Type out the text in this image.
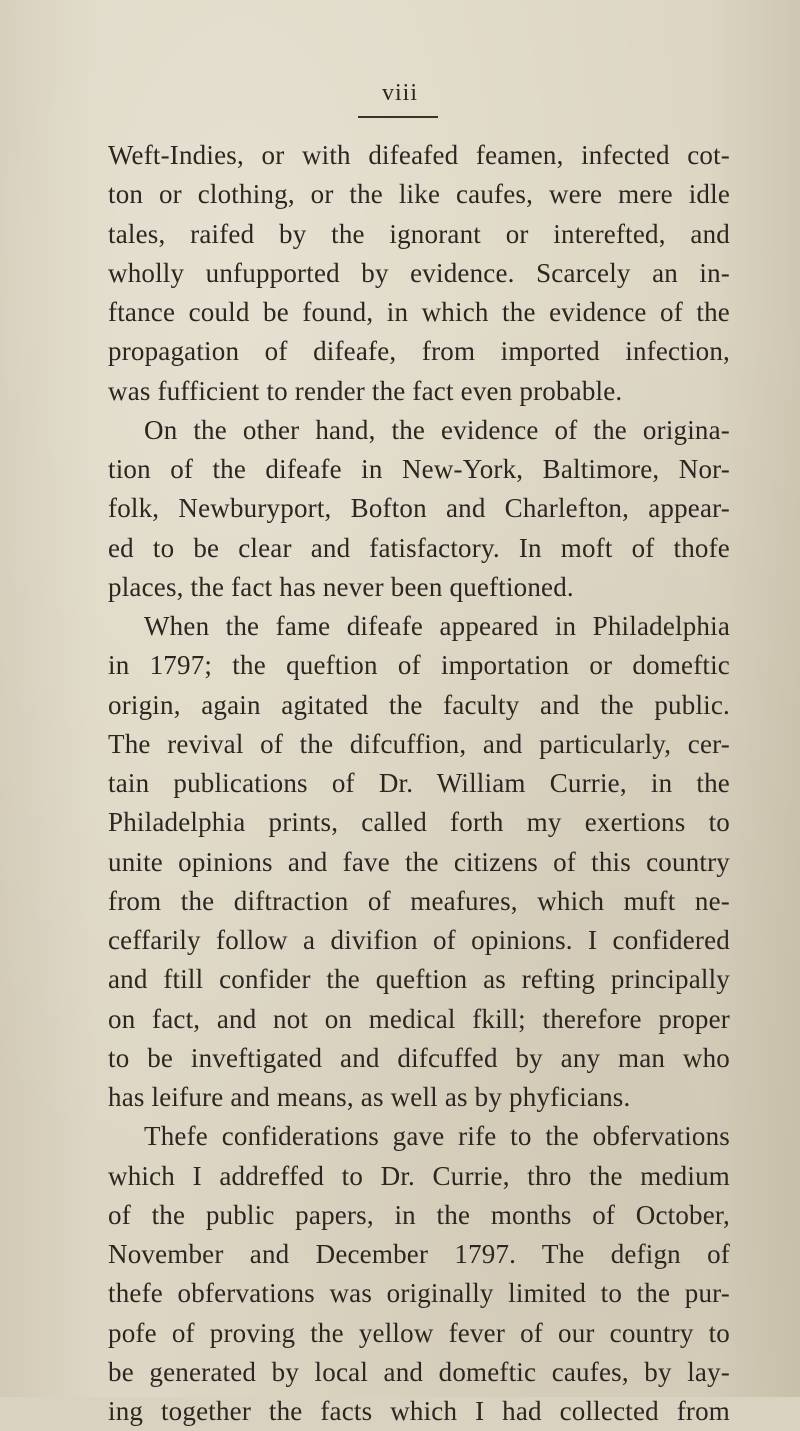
viii
Weft-Indies, or with difeafed feamen, infected cot-
ton or clothing, or the like caufes, were mere idle
tales, raifed by the ignorant or interefted, and
wholly unfupported by evidence. Scarcely an in-
ftance could be found, in which the evidence of the
propagation of difeafe, from imported infection,
was fufficient to render the fact even probable.
On the other hand, the evidence of the origina-
tion of the difeafe in New-York, Baltimore, Nor-
folk, Newburyport, Bofton and Charlefton, appear-
ed to be clear and fatisfactory. In moft of thofe
places, the fact has never been queftioned.
When the fame difeafe appeared in Philadelphia
in 1797; the queftion of importation or domeftic
origin, again agitated the faculty and the public.
The revival of the difcuffion, and particularly, cer-
tain publications of Dr. William Currie, in the
Philadelphia prints, called forth my exertions to
unite opinions and fave the citizens of this country
from the diftraction of meafures, which muft ne-
ceffarily follow a divifion of opinions. I confidered
and ftill confider the queftion as refting principally
on fact, and not on medical fkill; therefore proper
to be inveftigated and difcuffed by any man who
has leifure and means, as well as by phyficians.
Thefe confiderations gave rife to the obfervations
which I addreffed to Dr. Currie, thro the medium
of the public papers, in the months of October,
November and December 1797. The defign of
thefe obfervations was originally limited to the pur-
pofe of proving the yellow fever of our country to
be generated by local and domeftic caufes, by lay-
ing together the facts which I had collected from
